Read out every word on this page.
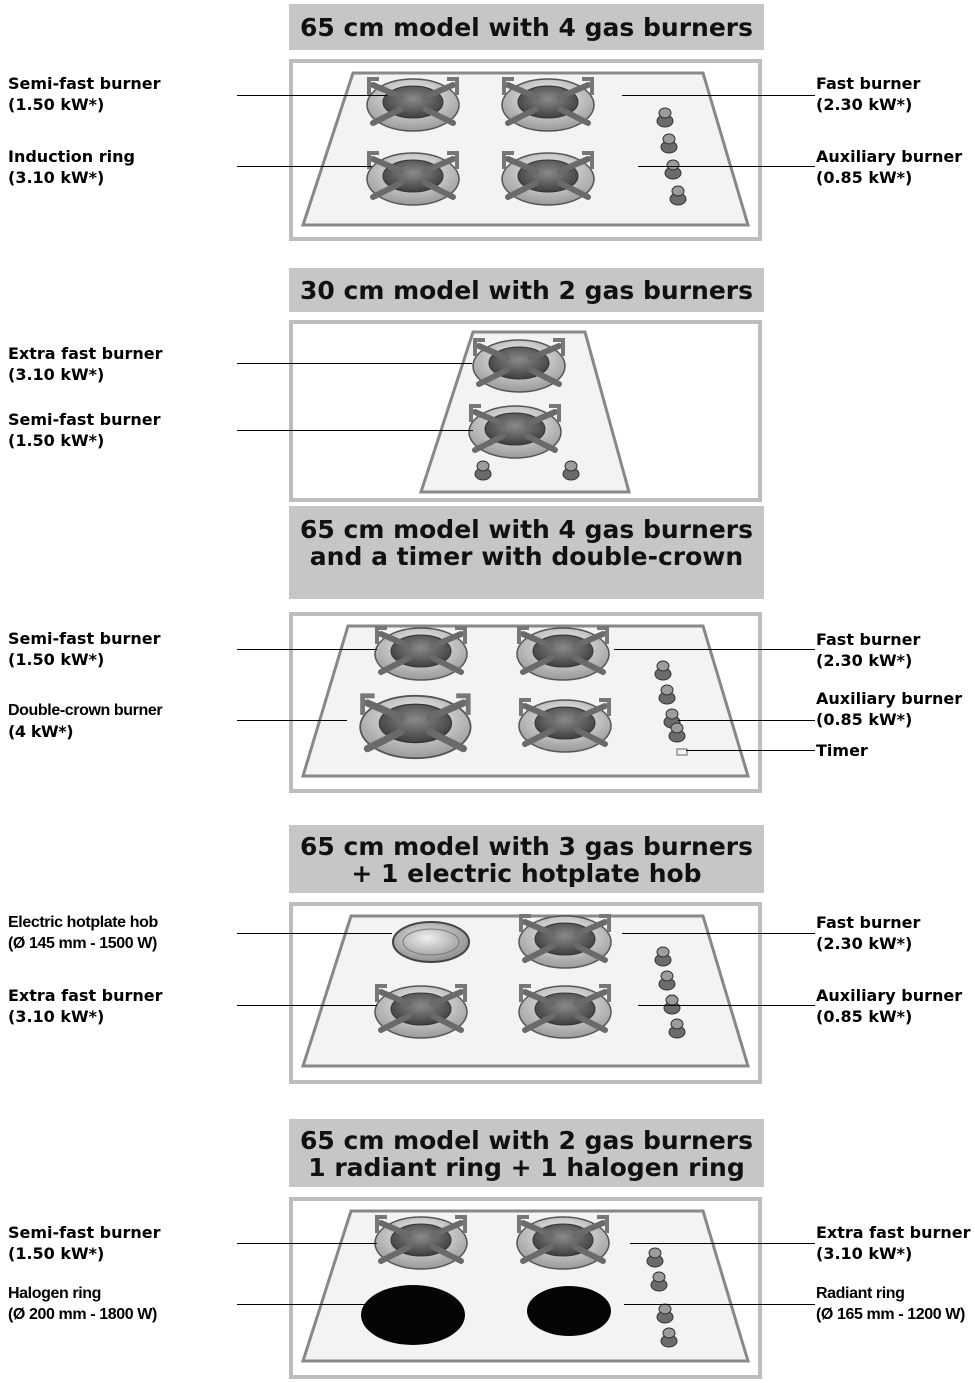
65 cm model with 4 gas burners
Semi-fast burner
(1.50 kW*)
Induction ring
(3.10 kW*)
Fast burner
(2.30 kW*)
Auxiliary burner
(0.85 kW*)
30 cm model with 2 gas burners
Extra fast burner
(3.10 kW*)
Semi-fast burner
(1.50 kW*)
65 cm model with 4 gas burners
and a timer with double-crown
Semi-fast burner
(1.50 kW*)
Double-crown burner
(4 kW*)
Fast burner
(2.30 kW*)
Auxiliary burner
(0.85 kW*)
Timer
65 cm model with 3 gas burners
+ 1 electric hotplate hob
Electric hotplate hob
(Ø 145 mm - 1500 W)
Extra fast burner
(3.10 kW*)
Fast burner
(2.30 kW*)
Auxiliary burner
(0.85 kW*)
65 cm model with 2 gas burners
1 radiant ring + 1 halogen ring
Semi-fast burner
(1.50 kW*)
Halogen ring
(Ø 200 mm - 1800 W)
Extra fast burner
(3.10 kW*)
Radiant ring
(Ø 165 mm - 1200 W)
